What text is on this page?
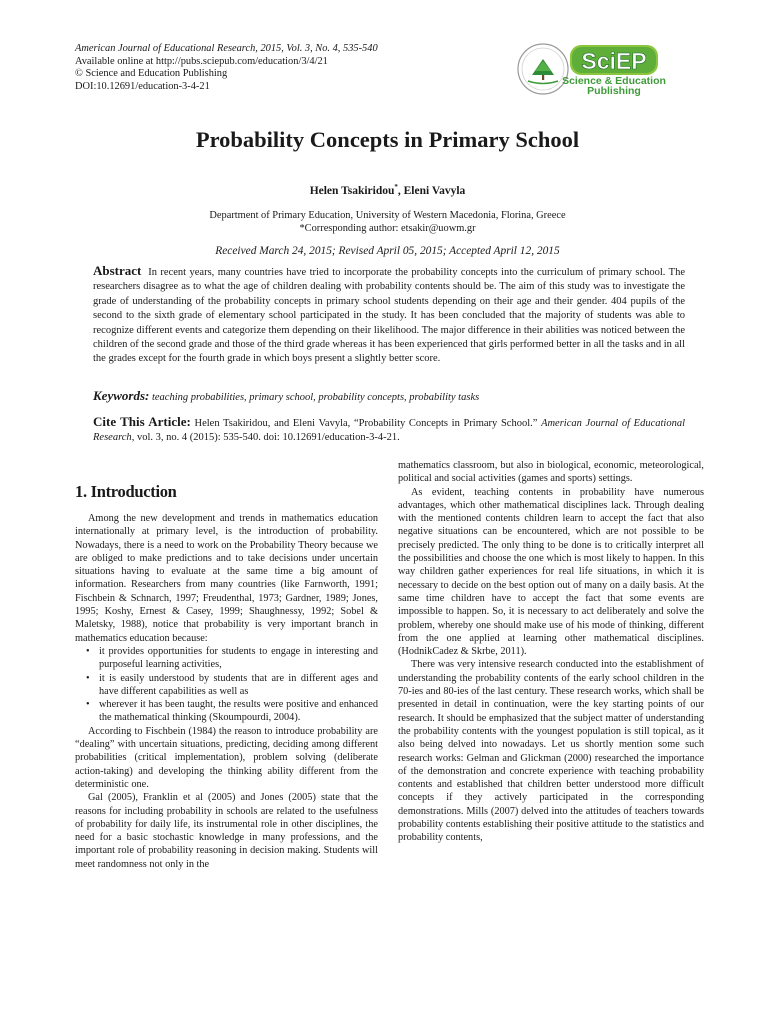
American Journal of Educational Research, 2015, Vol. 3, No. 4, 535-540
Available online at http://pubs.sciepub.com/education/3/4/21
© Science and Education Publishing
DOI:10.12691/education-3-4-21
SciEP
Science & Education
Publishing
Probability Concepts in Primary School
Helen Tsakiridou*, Eleni Vavyla
Department of Primary Education, University of Western Macedonia, Florina, Greece
*Corresponding author: etsakir@uowm.gr
Received March 24, 2015; Revised April 05, 2015; Accepted April 12, 2015
Abstract In recent years, many countries have tried to incorporate the probability concepts into the curriculum of primary school. The researchers disagree as to what the age of children dealing with probability contents should be. The aim of this study was to investigate the grade of understanding of the probability concepts in primary school students depending on their age and their gender. 404 pupils of the second to the sixth grade of elementary school participated in the study. It has been concluded that the majority of students was able to recognize different events and categorize them depending on their likelihood. The major difference in their abilities was noticed between the children of the second grade and those of the third grade whereas it has been experienced that girls performed better in all the tasks and in all the grades except for the fourth grade in which boys present a slightly better score.
Keywords: teaching probabilities, primary school, probability concepts, probability tasks
Cite This Article: Helen Tsakiridou, and Eleni Vavyla, “Probability Concepts in Primary School.” American Journal of Educational Research, vol. 3, no. 4 (2015): 535-540. doi: 10.12691/education-3-4-21.
1. Introduction

Among the new development and trends in mathematics education internationally at primary level, is the introduction of probability. Nowadays, there is a need to work on the Probability Theory because we are obliged to make predictions and to take decisions under uncertain situations having to evaluate at the same time a big amount of information. Researchers from many countries (like Farnworth, 1991; Fischbein & Schnarch, 1997; Freudenthal, 1973; Gardner, 1989; Jones, 1995; Koshy, Ernest & Casey, 1999; Shaughnessy, 1992; Sobel & Maletsky, 1988), notice that probability is very important branch in mathematics education because:

• it provides opportunities for students to engage in interesting and purposeful learning activities,
• it is easily understood by students that are in different ages and have different capabilities as well as
• wherever it has been taught, the results were positive and enhanced the mathematical thinking (Skoumpourdi, 2004).

According to Fischbein (1984) the reason to introduce probability are “dealing” with uncertain situations, predicting, deciding among different probabilities (critical implementation), problem solving (deliberate action-taking) and developing the thinking ability different from the deterministic one.

Gal (2005), Franklin et al (2005) and Jones (2005) state that the reasons for including probability in schools are related to the usefulness of probability for daily life, its instrumental role in other disciplines, the need for a basic stochastic knowledge in many professions, and the important role of probability reasoning in decision making. Students will meet randomness not only in the

mathematics classroom, but also in biological, economic, meteorological, political and social activities (games and sports) settings.

As evident, teaching contents in probability have numerous advantages, which other mathematical disciplines lack. Through dealing with the mentioned contents children learn to accept the fact that also negative situations can be encountered, which are not possible to be precisely predicted. The only thing to be done is to critically interpret all the possibilities and choose the one which is most likely to happen. In this way children gather experiences for real life situations, in which it is necessary to decide on the best option out of many on a daily basis. At the same time children have to accept the fact that some events are impossible to happen. So, it is necessary to act deliberately and solve the problem, whereby one should make use of his mode of thinking, different from the one applied at learning other mathematical disciplines. (HodnikCadez & Skrbe, 2011).

There was very intensive research conducted into the establishment of understanding the probability contents of the early school children in the 70-ies and 80-ies of the last century. These research works, which shall be presented in detail in continuation, were the key starting points of our research. It should be emphasized that the subject matter of understanding the probability contents with the youngest population is still topical, as it also being delved into nowadays. Let us shortly mention some such research works: Gelman and Glickman (2000) researched the importance of the demonstration and concrete experience with teaching probability contents and established that children better understood more difficult concepts if they actively participated in the corresponding demonstrations. Mills (2007) delved into the attitudes of teachers towards probability contents establishing their positive attitude to the statistics and probability contents,
